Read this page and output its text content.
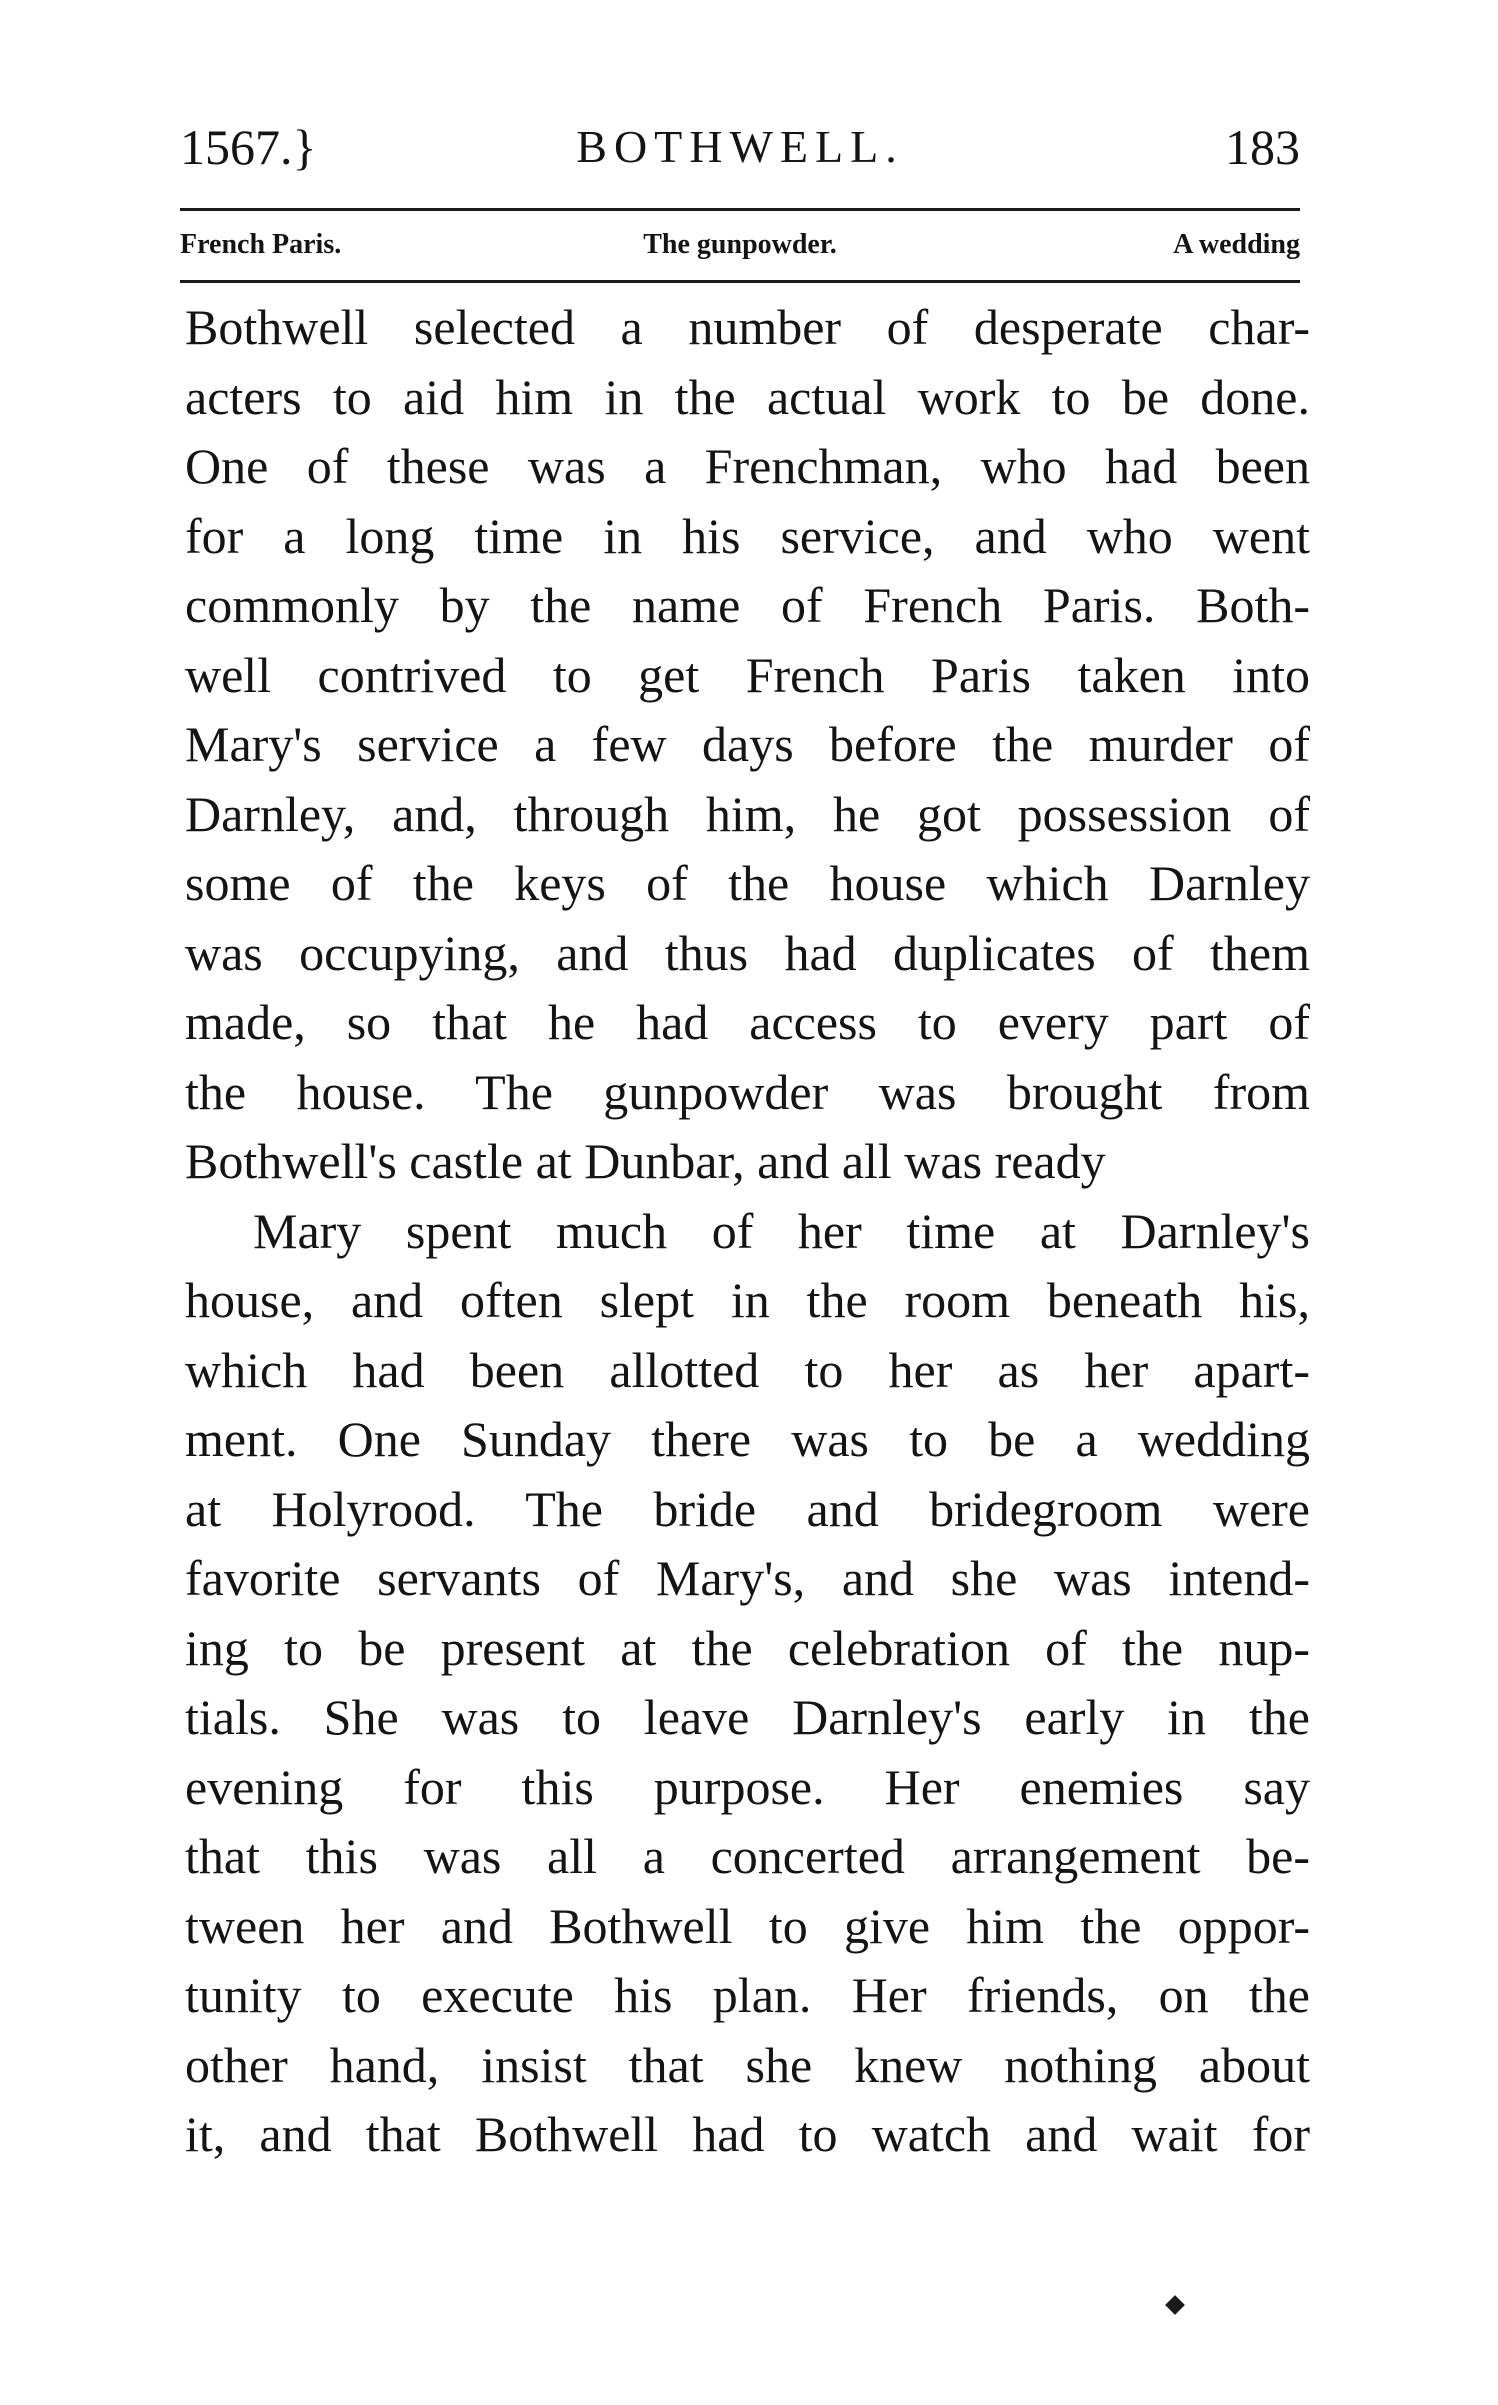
1567.}	BOTHWELL.	183
French Paris.	The gunpowder.	A wedding
Bothwell selected a number of desperate char-
acters to aid him in the actual work to be done.
One of these was a Frenchman, who had been
for a long time in his service, and who went
commonly by the name of French Paris. Both-
well contrived to get French Paris taken into
Mary's service a few days before the murder of
Darnley, and, through him, he got possession of
some of the keys of the house which Darnley
was occupying, and thus had duplicates of them
made, so that he had access to every part of
the house. The gunpowder was brought from
Bothwell's castle at Dunbar, and all was ready
Mary spent much of her time at Darnley's
house, and often slept in the room beneath his,
which had been allotted to her as her apart-
ment. One Sunday there was to be a wedding
at Holyrood. The bride and bridegroom were
favorite servants of Mary's, and she was intend-
ing to be present at the celebration of the nup-
tials. She was to leave Darnley's early in the
evening for this purpose. Her enemies say
that this was all a concerted arrangement be-
tween her and Bothwell to give him the oppor-
tunity to execute his plan. Her friends, on the
other hand, insist that she knew nothing about
it, and that Bothwell had to watch and wait for
